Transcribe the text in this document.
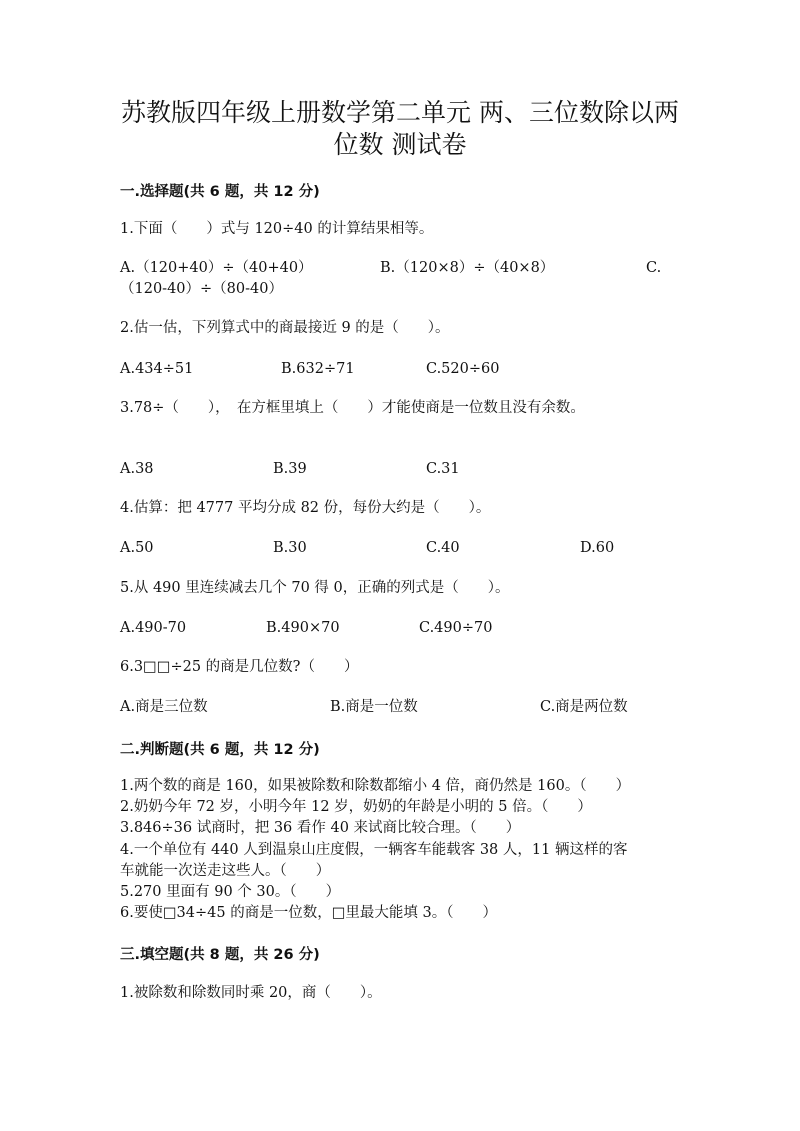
苏教版四年级上册数学第二单元 两、三位数除以两
位数 测试卷
一.选择题(共 6 题，共 12 分)
1.下面（　　）式与 120÷40 的计算结果相等。
A.（120+40）÷（40+40）	B.（120×8）÷（40×8）	C.
（120-40）÷（80-40）
2.估一估，下列算式中的商最接近 9 的是（　　）。
A.434÷51	B.632÷71	C.520÷60
3.78÷（　　），　在方框里填上（　　）才能使商是一位数且没有余数。
A.38	B.39	C.31
4.估算：把 4777 平均分成 82 份，每份大约是（　　）。
A.50	B.30	C.40	D.60
5.从 490 里连续减去几个 70 得 0，正确的列式是（　　）。
A.490-70	B.490×70	C.490÷70
6.3□□÷25 的商是几位数?（　　）
A.商是三位数	B.商是一位数	C.商是两位数
二.判断题(共 6 题，共 12 分)
1.两个数的商是 160，如果被除数和除数都缩小 4 倍，商仍然是 160。（　　）
2.奶奶今年 72 岁，小明今年 12 岁，奶奶的年龄是小明的 5 倍。（　　）
3.846÷36 试商时，把 36 看作 40 来试商比较合理。（　　）
4.一个单位有 440 人到温泉山庄度假，一辆客车能载客 38 人，11 辆这样的客
车就能一次送走这些人。（　　）
5.270 里面有 90 个 30。（　　）
6.要使□34÷45 的商是一位数，□里最大能填 3。（　　）
三.填空题(共 8 题，共 26 分)
1.被除数和除数同时乘 20，商（　　）。
